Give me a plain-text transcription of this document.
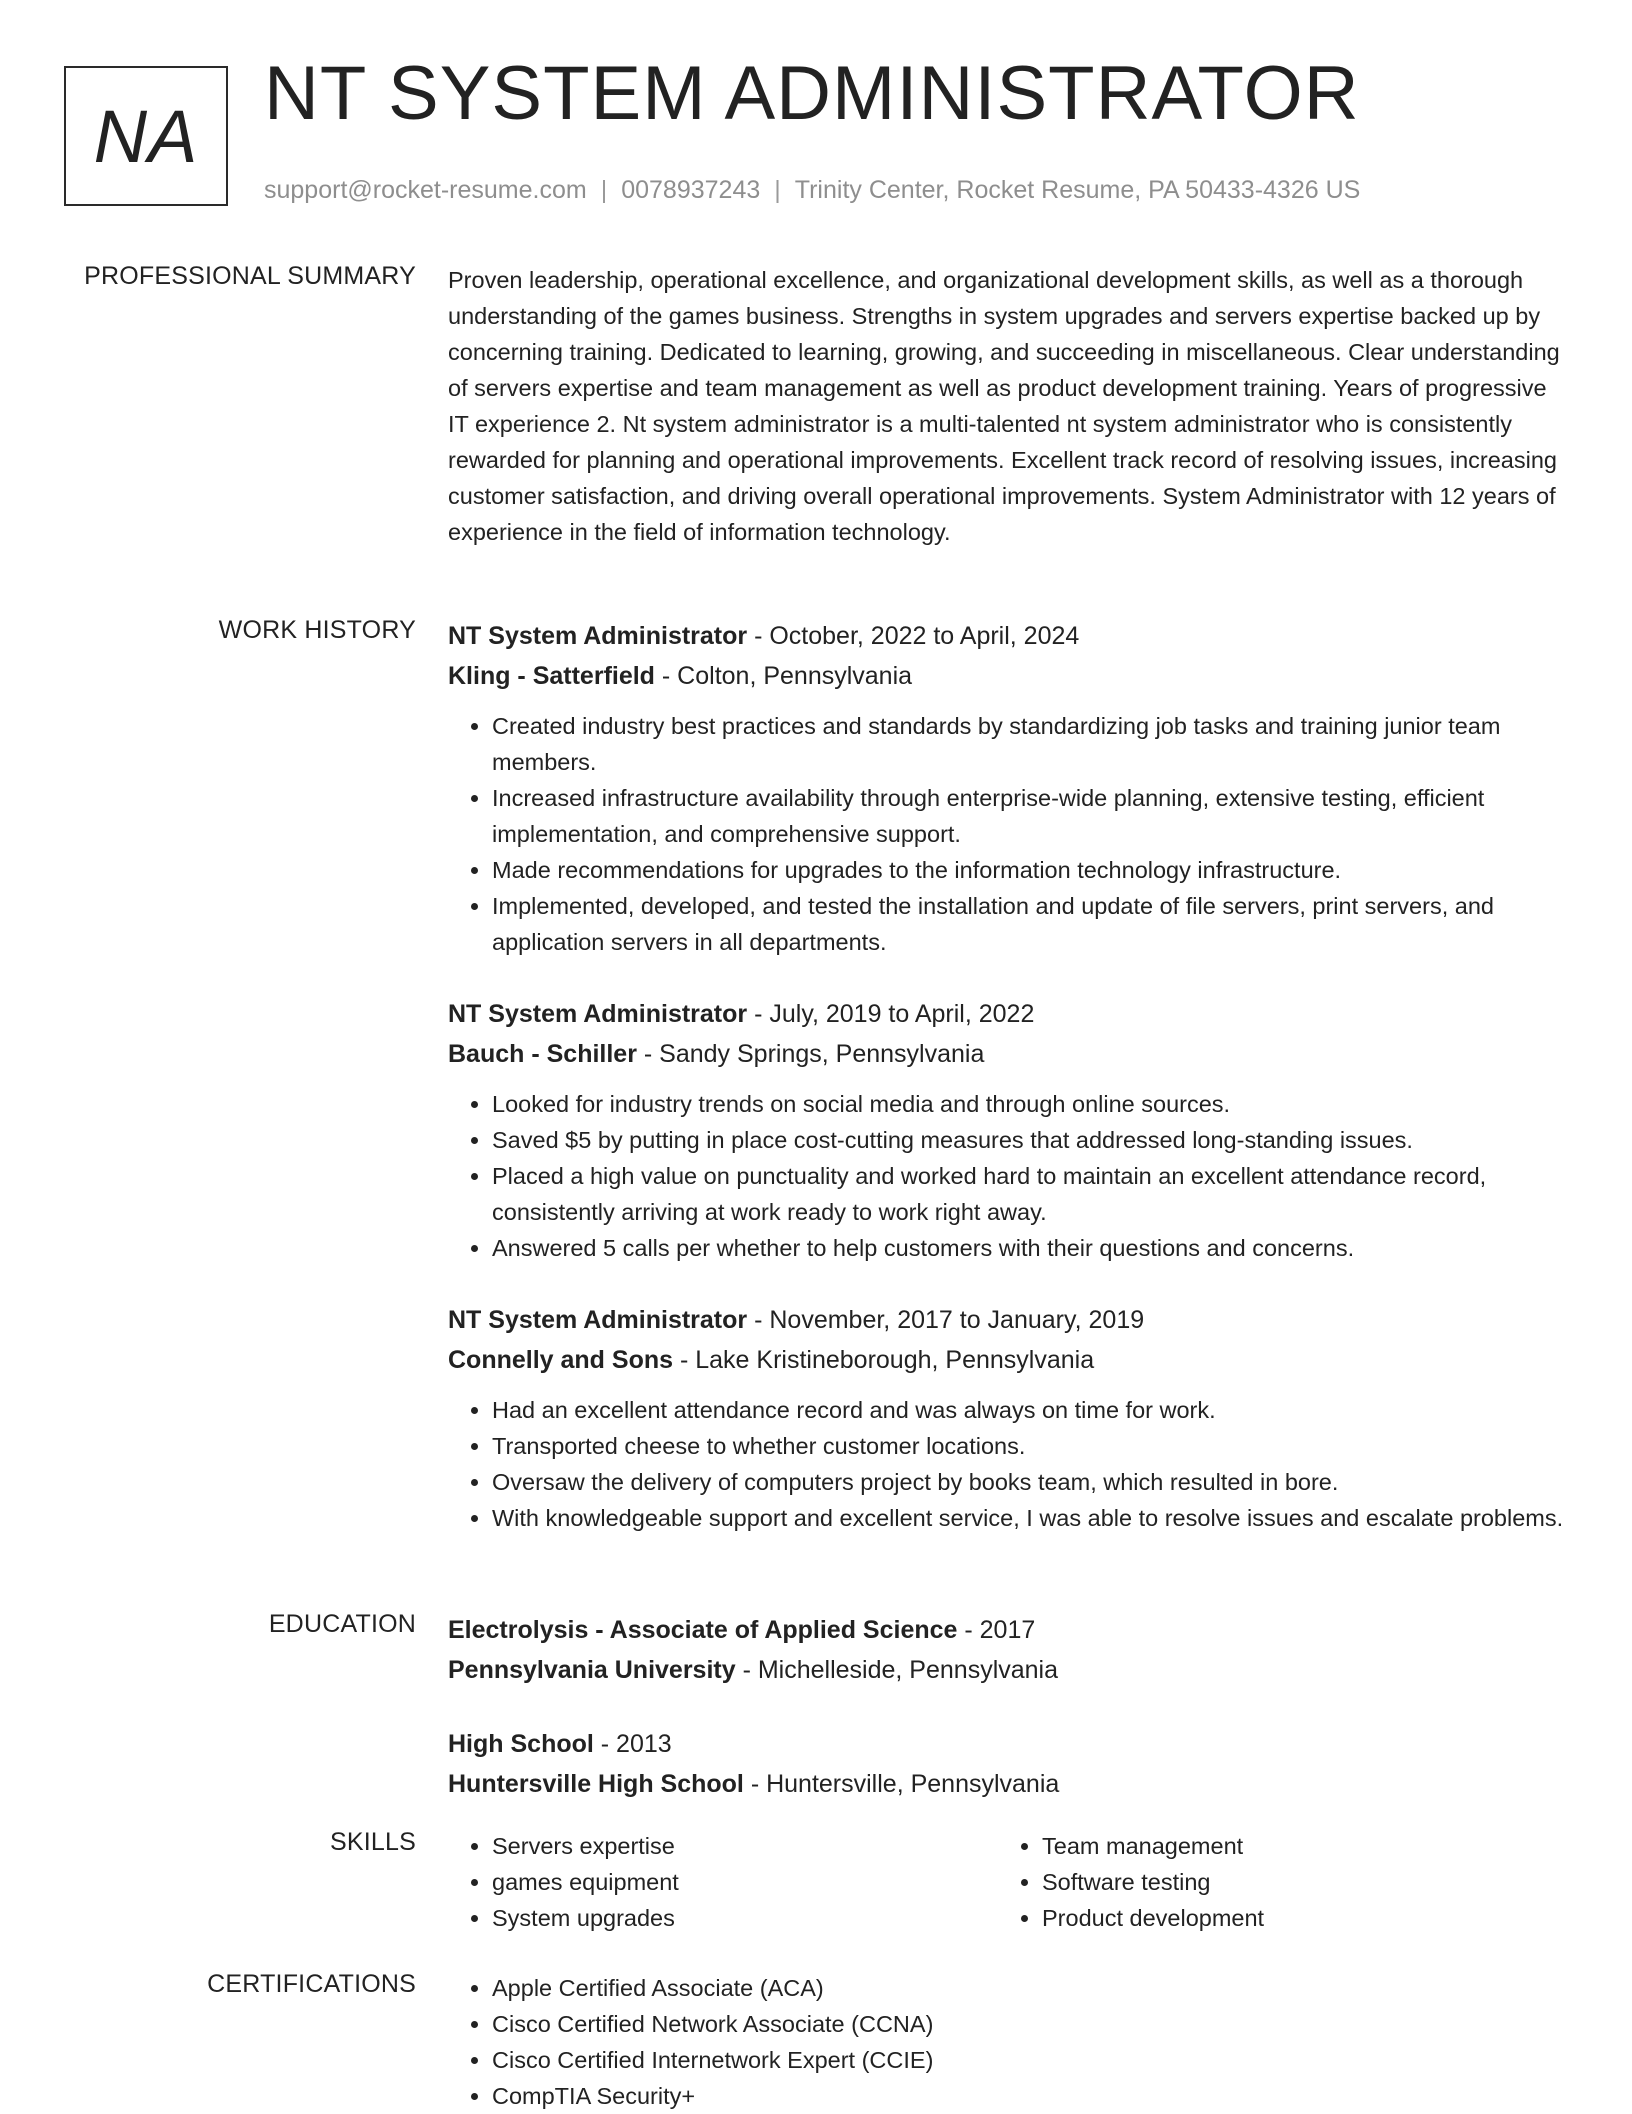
NA NT SYSTEM ADMINISTRATOR
support@rocket-resume.com | 0078937243 | Trinity Center, Rocket Resume, PA 50433-4326 US
PROFESSIONAL SUMMARY Proven leadership, operational excellence, and organizational development skills, as well as a thorough understanding of the games business. Strengths in system upgrades and servers expertise backed up by concerning training. Dedicated to learning, growing, and succeeding in miscellaneous. Clear understanding of servers expertise and team management as well as product development training. Years of progressive IT experience 2. Nt system administrator is a multi-talented nt system administrator who is consistently rewarded for planning and operational improvements. Excellent track record of resolving issues, increasing customer satisfaction, and driving overall operational improvements. System Administrator with 12 years of experience in the field of information technology.

WORK HISTORY NT System Administrator - October, 2022 to April, 2024
Kling - Satterfield - Colton, Pennsylvania
• Created industry best practices and standards by standardizing job tasks and training junior team members.
• Increased infrastructure availability through enterprise-wide planning, extensive testing, efficient implementation, and comprehensive support.
• Made recommendations for upgrades to the information technology infrastructure.
• Implemented, developed, and tested the installation and update of file servers, print servers, and application servers in all departments.
NT System Administrator - July, 2019 to April, 2022
Bauch - Schiller - Sandy Springs, Pennsylvania
• Looked for industry trends on social media and through online sources.
• Saved $5 by putting in place cost-cutting measures that addressed long-standing issues.
• Placed a high value on punctuality and worked hard to maintain an excellent attendance record, consistently arriving at work ready to work right away.
• Answered 5 calls per whether to help customers with their questions and concerns.
NT System Administrator - November, 2017 to January, 2019
Connelly and Sons - Lake Kristineborough, Pennsylvania
• Had an excellent attendance record and was always on time for work.
• Transported cheese to whether customer locations.
• Oversaw the delivery of computers project by books team, which resulted in bore.
• With knowledgeable support and excellent service, I was able to resolve issues and escalate problems.
EDUCATION Electrolysis - Associate of Applied Science - 2017
Pennsylvania University - Michelleside, Pennsylvania
High School - 2013
Huntersville High School - Huntersville, Pennsylvania
SKILLS	• Servers expertise
• games equipment
• System upgrades
• Team management
• Software testing
• Product development
CERTIFICATIONS	• Apple Certified Associate (ACA)
• Cisco Certified Network Associate (CCNA)
• Cisco Certified Internetwork Expert (CCIE)
• CompTIA Security+
